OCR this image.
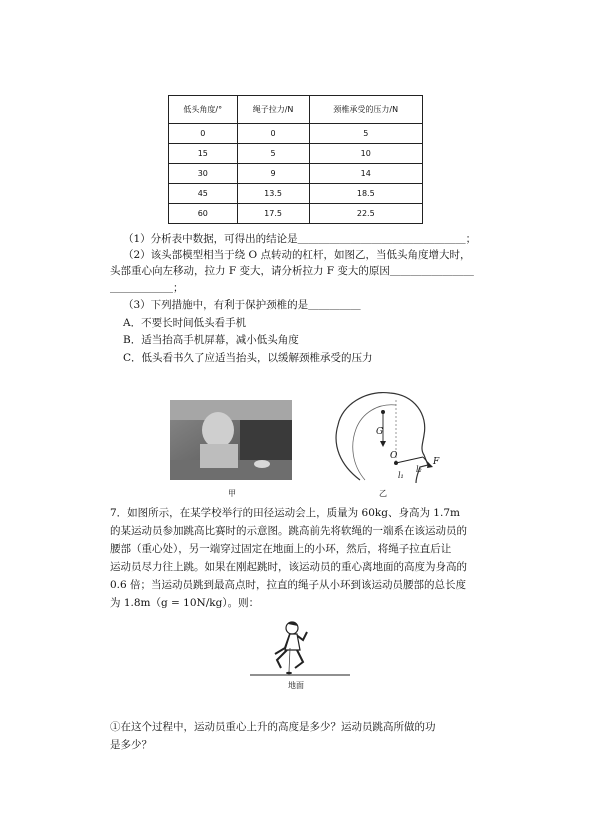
低头角度/°	绳子拉力/N	颈椎承受的压力/N
0	0	5
15	5	10
30	9	14
45	13.5	18.5
60	17.5	22.5
（1）分析表中数据，可得出的结论是＿＿＿＿＿＿＿＿＿＿＿＿＿＿＿＿；
（2）该头部模型相当于绕 O 点转动的杠杆，如图乙，当低头角度增大时，
头部重心向左移动，拉力 F 变大，请分析拉力 F 变大的原因＿＿＿＿＿＿＿＿
＿＿＿＿＿＿；
（3）下列措施中，有利于保护颈椎的是＿＿＿＿＿
A．不要长时间低头看手机
B．适当抬高手机屏幕，减小低头角度
C．低头看书久了应适当抬头，以缓解颈椎承受的压力
G
O
F
l₁
l₂
甲	乙
7．如图所示，在某学校举行的田径运动会上，质量为 60kg、身高为 1.7m
的某运动员参加跳高比赛时的示意图。跳高前先将软绳的一端系在该运动员的
腰部（重心处），另一端穿过固定在地面上的小环，然后，将绳子拉直后让
运动员尽力往上跳。如果在刚起跳时，该运动员的重心离地面的高度为身高的
0.6 倍；当运动员跳到最高点时，拉直的绳子从小环到该运动员腰部的总长度
为 1.8m（g = 10N/kg）。则：
地面
①在这个过程中，运动员重心上升的高度是多少？运动员跳高所做的功
是多少？
